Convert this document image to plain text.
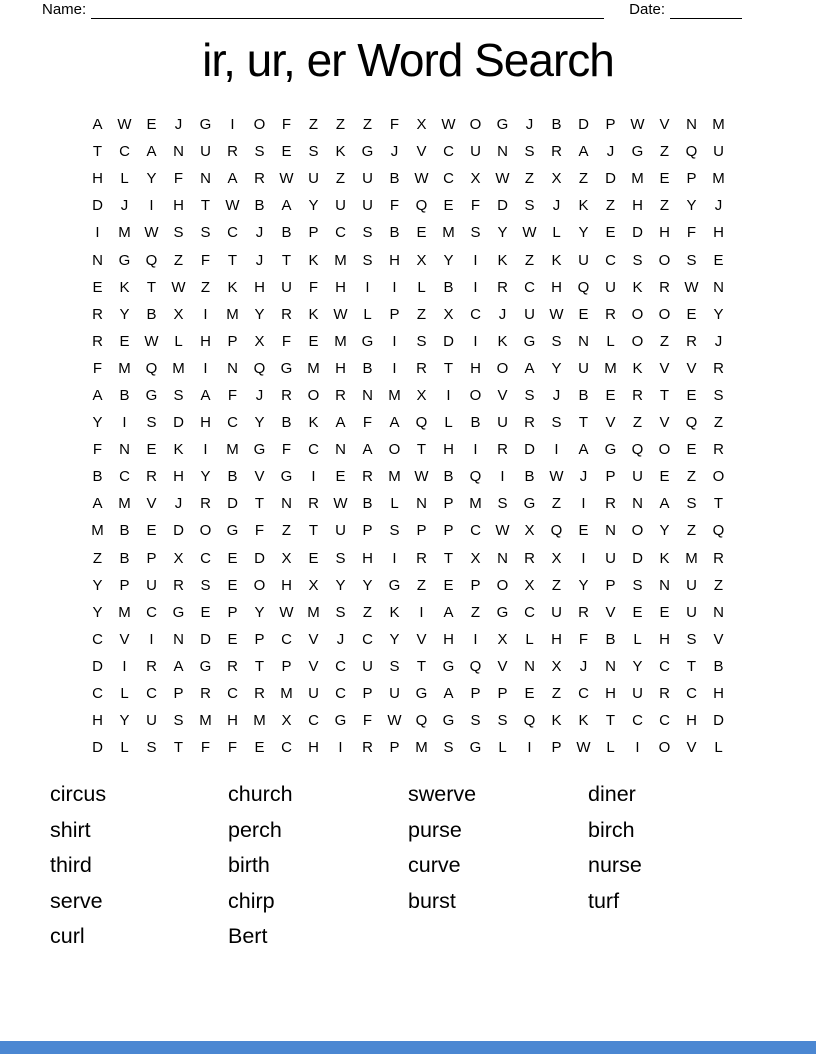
Name:	Date:
ir, ur, er Word Search
A W E	J	G	I	O	F	Z	Z	Z	F	X W O	G	J	B	D	P W V	N	M
T	C	A	N	U	R	S	E	S	K	G	J	V	C	U	N	S	R	A	J	G	Z	Q	U
H	L	Y	F	N	A	R W U	Z	U	B W C	X W	Z	X	Z	D	M	E	P	M
D	J	I	H	T	W B	A	Y	U	U	F	Q	E	F	D	S	J	K	Z	H	Z	Y	J
I	M W S	S	C	J	B	P	C	S	B	E	M	S	Y W	L	Y	E	D	H	F	H
N	G	Q	Z	F	T	J	T	K	M	S	H	X	Y	I	K	Z	K	U	C	S	O	S	E
E	K	T	W	Z	K	H	U	F	H	I	I	L	B	I	R	C	H	Q	U	K	R W N
R	Y	B	X	I	M	Y	R	K W	L	P	Z	X	C	J	U W E	R	O	O	E	Y
R	E W	L	H	P	X	F	E	M G	I	S	D	I	K	G	S	N	L	O	Z	R	J
F	M Q M	I	N	Q	G M	H	B	I	R	T	H	O	A	Y	U	M	K	V	V	R
A	B	G	S	A	F	J	R	O	R	N	M	X	I	O	V	S	J	B	E	R	T	E	S
Y	I	S	D	H	C	Y	B	K	A	F	A	Q	L	B	U	R	S	T	V	Z	V	Q	Z
F	N	E	K	I	M G	F	C	N	A	O	T	H	I	R	D	I	A	G	Q	O	E	R
B	C	R	H	Y	B	V	G	I	E	R	M W B	Q	I	B W	J	P	U	E	Z	O
A	M	V	J	R	D	T	N	R W B	L	N	P	M	S	G	Z	I	R	N	A	S	T
M	B	E	D	O	G	F	Z	T	U	P	S	P	P	C W X	Q	E	N	O	Y	Z	Q
Z	B	P	X	C	E	D	X	E	S	H	I	R	T	X	N	R	X	I	U	D	K	M	R
Y	P	U	R	S	E	O	H	X	Y	Y	G	Z	E	P	O	X	Z	Y	P	S	N	U	Z
Y	M	C	G	E	P	Y W M	S	Z	K	I	A	Z	G	C	U	R	V	E	E	U	N
C	V	I	N	D	E	P	C	V	J	C	Y	V	H	I	X	L	H	F	B	L	H	S	V
D	I	R	A	G	R	T	P	V	C	U	S	T	G	Q	V	N	X	J	N	Y	C	T	B
C	L	C	P	R	C	R	M	U	C	P	U	G	A	P	P	E	Z	C	H	U	R	C	H
H	Y	U	S	M	H	M	X	C	G	F	W Q	G	S	S	Q	K	K	T	C	C	H	D
D	L	S	T	F	F	E	C	H	I	R	P	M	S	G	L	I	P W	L	I	O	V	L
circus
shirt
third
serve
curl
church
perch
birth
chirp
Bert
swerve
purse
curve
burst
diner
birch
nurse
turf
